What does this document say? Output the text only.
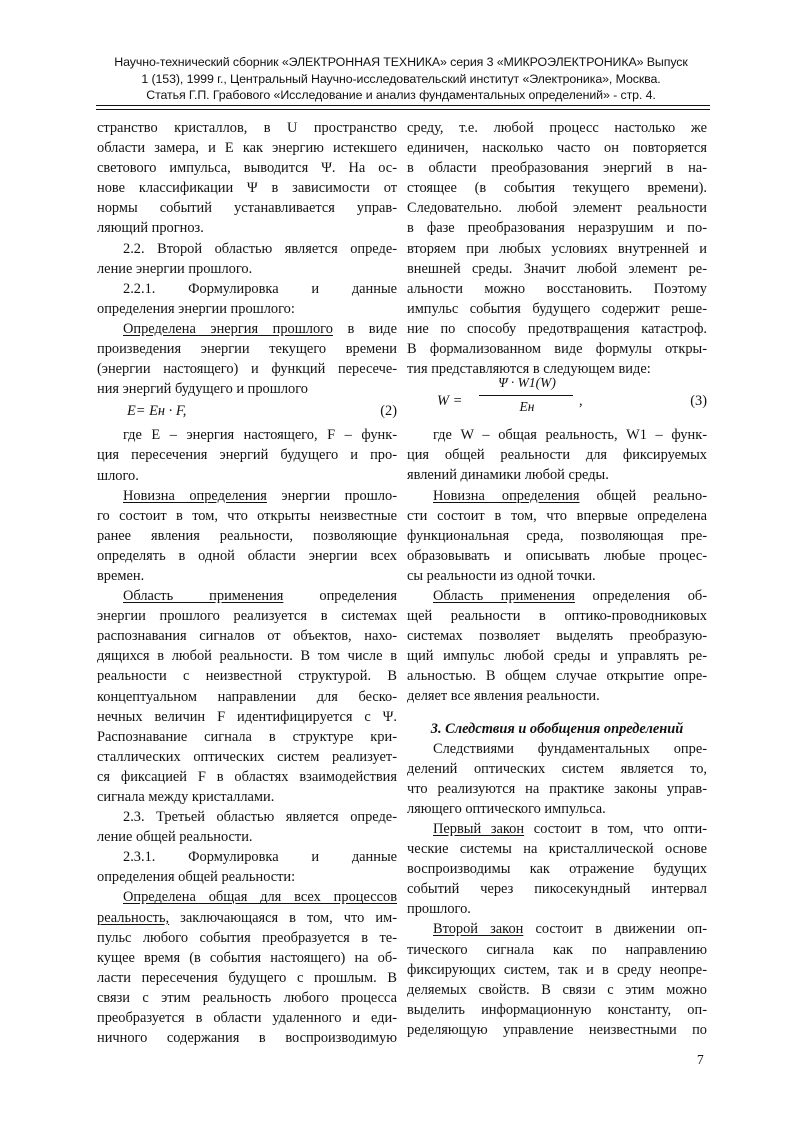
Научно-технический сборник «ЭЛЕКТРОННАЯ ТЕХНИКА» серия 3 «МИКРОЭЛЕКТРОНИКА» Выпуск
1 (153), 1999 г., Центральный Научно-исследовательский институт «Электроника», Москва.
Статья Г.П. Грабового «Исследование и анализ фундаментальных определений» - стр. 4.
странство кристаллов, в U пространство
области замера, и E как энергию истекшего
светового импульса, выводится Ψ. На ос-
нове классификации Ψ в зависимости от
нормы событий устанавливается управ-
ляющий прогноз.
2.2. Второй областью является опреде-
ление энергии прошлого.
2.2.1. Формулировка и данные
определения энергии прошлого:
Определена энергия прошлого в виде
произведения энергии текущего времени
(энергии настоящего) и функций пересече-
ния энергий будущего и прошлого
E= Eн · F,	(2)
где E – энергия настоящего, F – функ-
ция пересечения энергий будущего и про-
шлого.
Новизна определения энергии прошло-
го состоит в том, что открыты неизвестные
ранее явления реальности, позволяющие
определять в одной области энергии всех
времен.
Область применения определения
энергии прошлого реализуется в системах
распознавания сигналов от объектов, нахо-
дящихся в любой реальности. В том числе в
реальности с неизвестной структурой. В
концептуальном направлении для беско-
нечных величин F идентифицируется с Ψ.
Распознавание сигнала в структуре кри-
сталлических оптических систем реализует-
ся фиксацией F в областях взаимодействия
сигнала между кристаллами.
2.3. Третьей областью является опреде-
ление общей реальности.
2.3.1. Формулировка и данные
определения общей реальности:
Определена общая для всех процессов
реальность, заключающаяся в том, что им-
пульс любого события преобразуется в те-
кущее время (в события настоящего) на об-
ласти пересечения будущего с прошлым. В
связи с этим реальность любого процесса
преобразуется в области удаленного и еди-
ничного содержания в воспроизводимую
среду, т.е. любой процесс настолько же
единичен, насколько часто он повторяется
в области преобразования энергий в на-
стоящее (в события текущего времени).
Следовательно. любой элемент реальности
в фазе преобразования неразрушим и по-
вторяем при любых условиях внутренней и
внешней среды. Значит любой элемент ре-
альности можно восстановить. Поэтому
импульс события будущего содержит реше-
ние по способу предотвращения катастроф.
В формализованном виде формулы откры-
тия представляются в следующем виде:
W =
Ψ · W1(W)
Eн	,	(3)
где W – общая реальность, W1 – функ-
ция общей реальности для фиксируемых
явлений динамики любой среды.
Новизна определения общей реально-
сти состоит в том, что впервые определена
функциональная среда, позволяющая пре-
образовывать и описывать любые процес-
сы реальности из одной точки.
Область применения определения об-
щей реальности в оптико-проводниковых
системах позволяет выделять преобразую-
щий импульс любой среды и управлять ре-
альностью. В общем случае открытие опре-
деляет все явления реальности.
3. Следствия и обобщения определений
Следствиями фундаментальных опре-
делений оптических систем является то,
что реализуются на практике законы управ-
ляющего оптического импульса.
Первый закон состоит в том, что опти-
ческие системы на кристаллической основе
воспроизводимы как отражение будущих
событий через пикосекундный интервал
прошлого.
Второй закон состоит в движении оп-
тического сигнала как по направлению
фиксирующих систем, так и в среду неопре-
деляемых свойств. В связи с этим можно
выделить информационную константу, оп-
ределяющую управление неизвестными по
7
